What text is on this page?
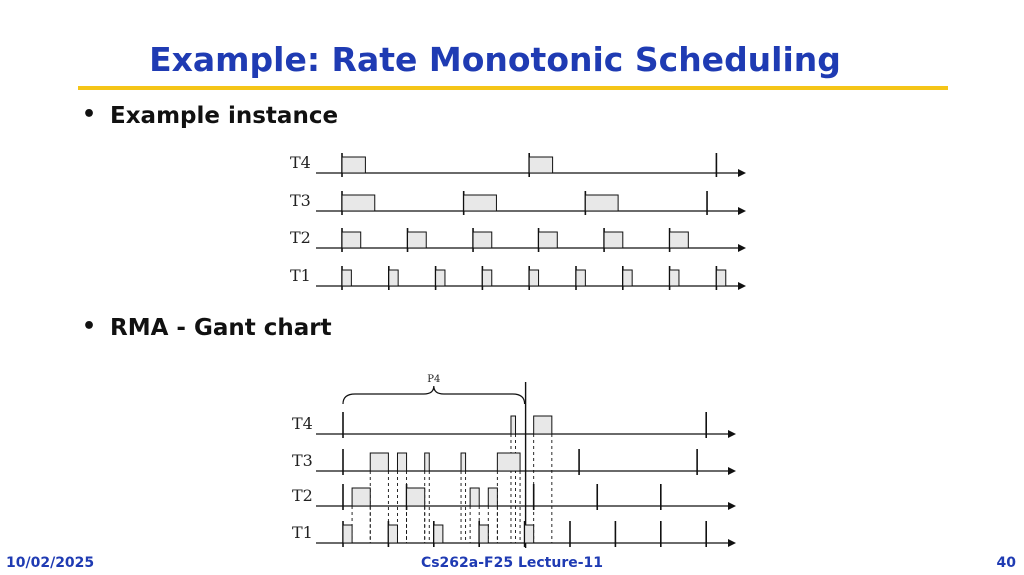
Example: Rate Monotonic Scheduling
• Example instance
• RMA - Gant chart
T4
T3
T2
T1
P4
T4
T3
T2
T1
10/02/2025	Cs262a-F25 Lecture-11	40
